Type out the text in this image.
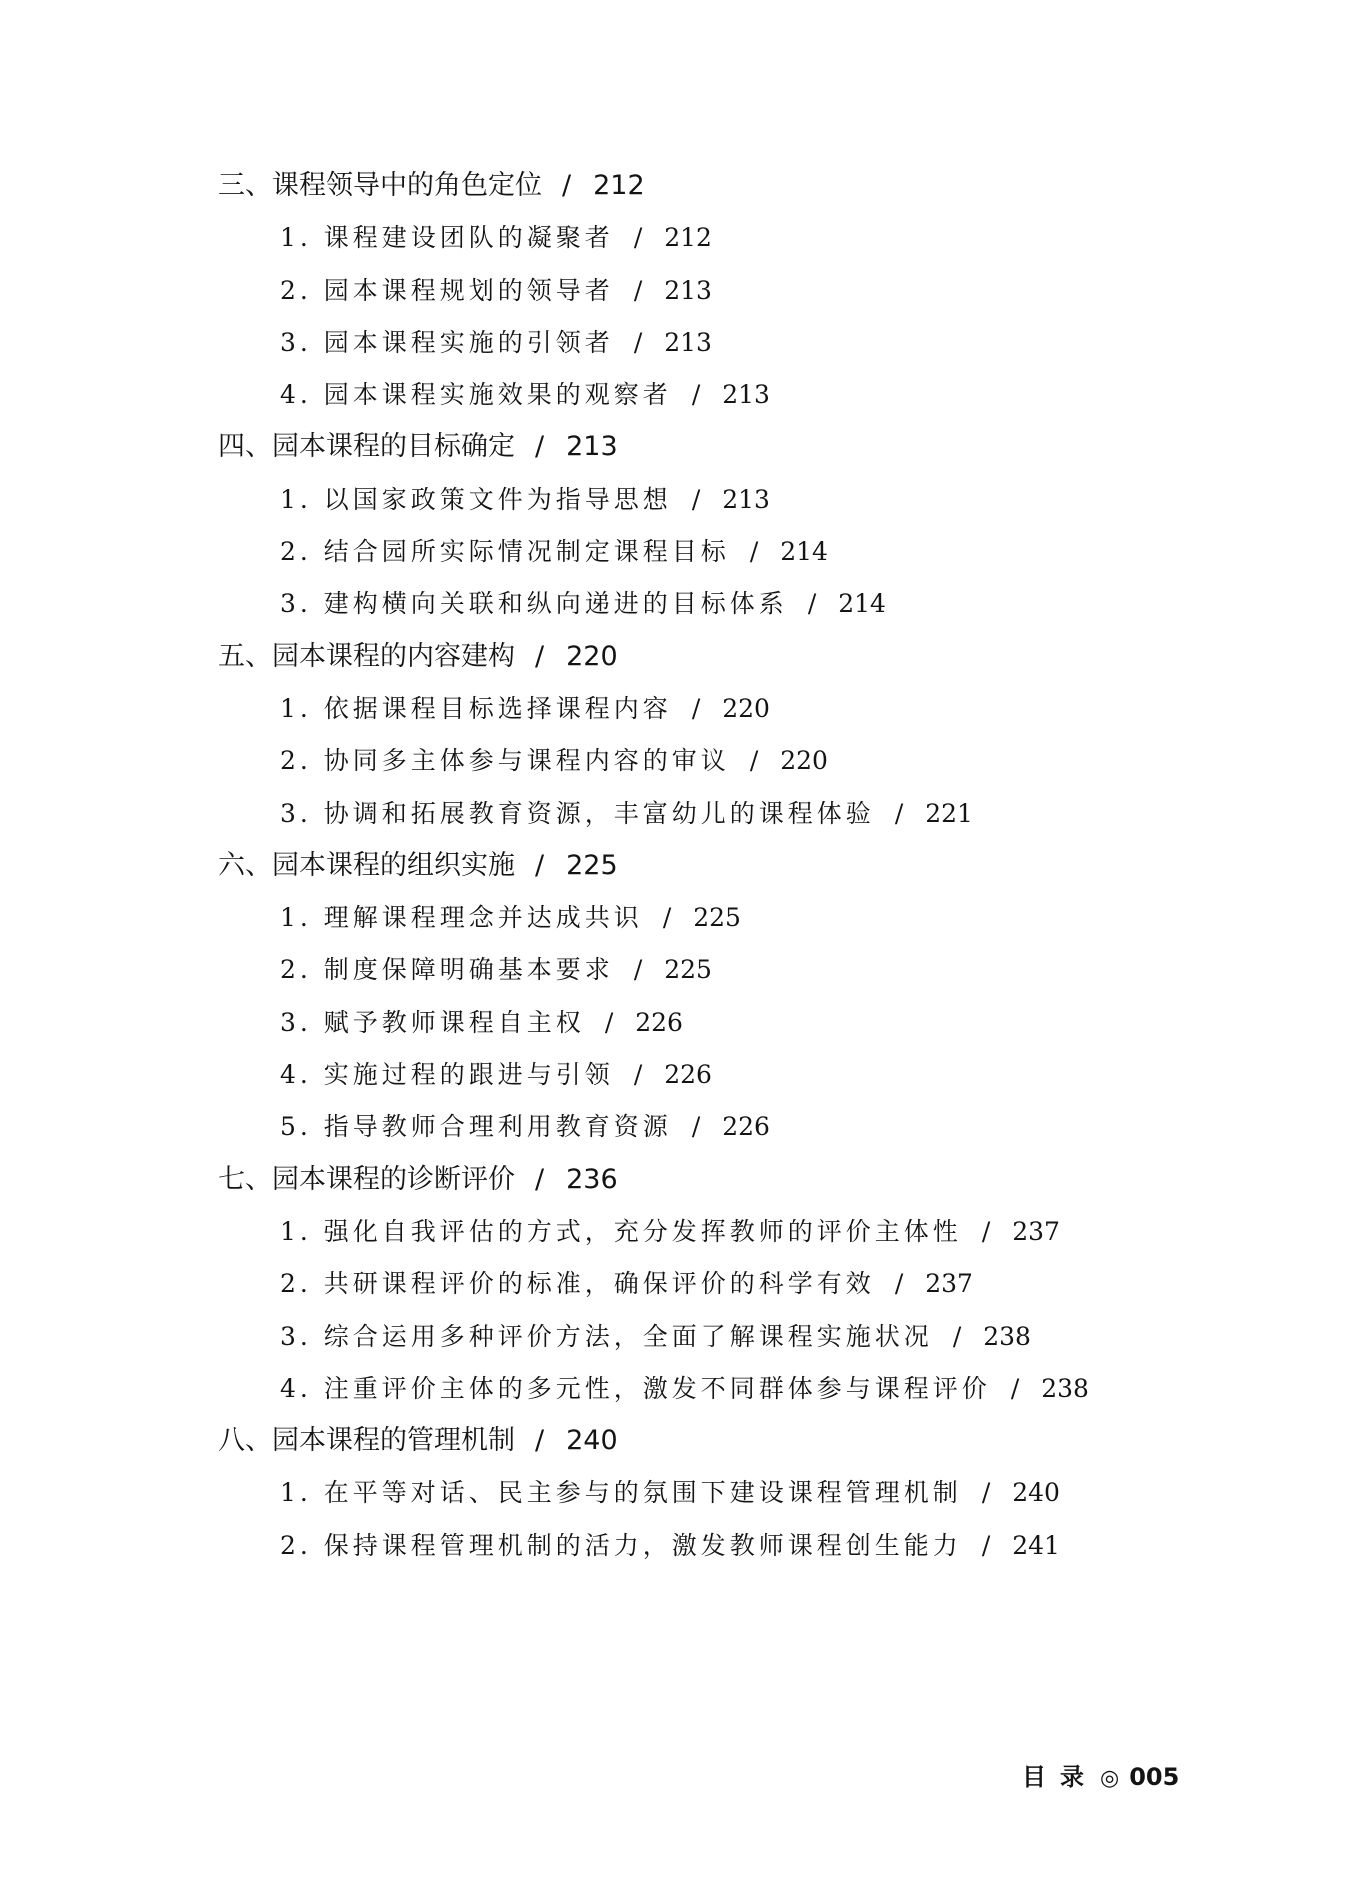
三、课程领导中的角色定位 / 212
1. 课程建设团队的凝聚者 / 212
2. 园本课程规划的领导者 / 213
3. 园本课程实施的引领者 / 213
4. 园本课程实施效果的观察者 / 213
四、园本课程的目标确定 / 213
1. 以国家政策文件为指导思想 / 213
2. 结合园所实际情况制定课程目标 / 214
3. 建构横向关联和纵向递进的目标体系 / 214
五、园本课程的内容建构 / 220
1. 依据课程目标选择课程内容 / 220
2. 协同多主体参与课程内容的审议 / 220
3. 协调和拓展教育资源，丰富幼儿的课程体验 / 221
六、园本课程的组织实施 / 225
1. 理解课程理念并达成共识 / 225
2. 制度保障明确基本要求 / 225
3. 赋予教师课程自主权 / 226
4. 实施过程的跟进与引领 / 226
5. 指导教师合理利用教育资源 / 226
七、园本课程的诊断评价 / 236
1. 强化自我评估的方式，充分发挥教师的评价主体性 / 237
2. 共研课程评价的标准，确保评价的科学有效 / 237
3. 综合运用多种评价方法，全面了解课程实施状况 / 238
4. 注重评价主体的多元性，激发不同群体参与课程评价 / 238
八、园本课程的管理机制 / 240
1. 在平等对话、民主参与的氛围下建设课程管理机制 / 240
2. 保持课程管理机制的活力，激发教师课程创生能力 / 241
目录◎ 005
